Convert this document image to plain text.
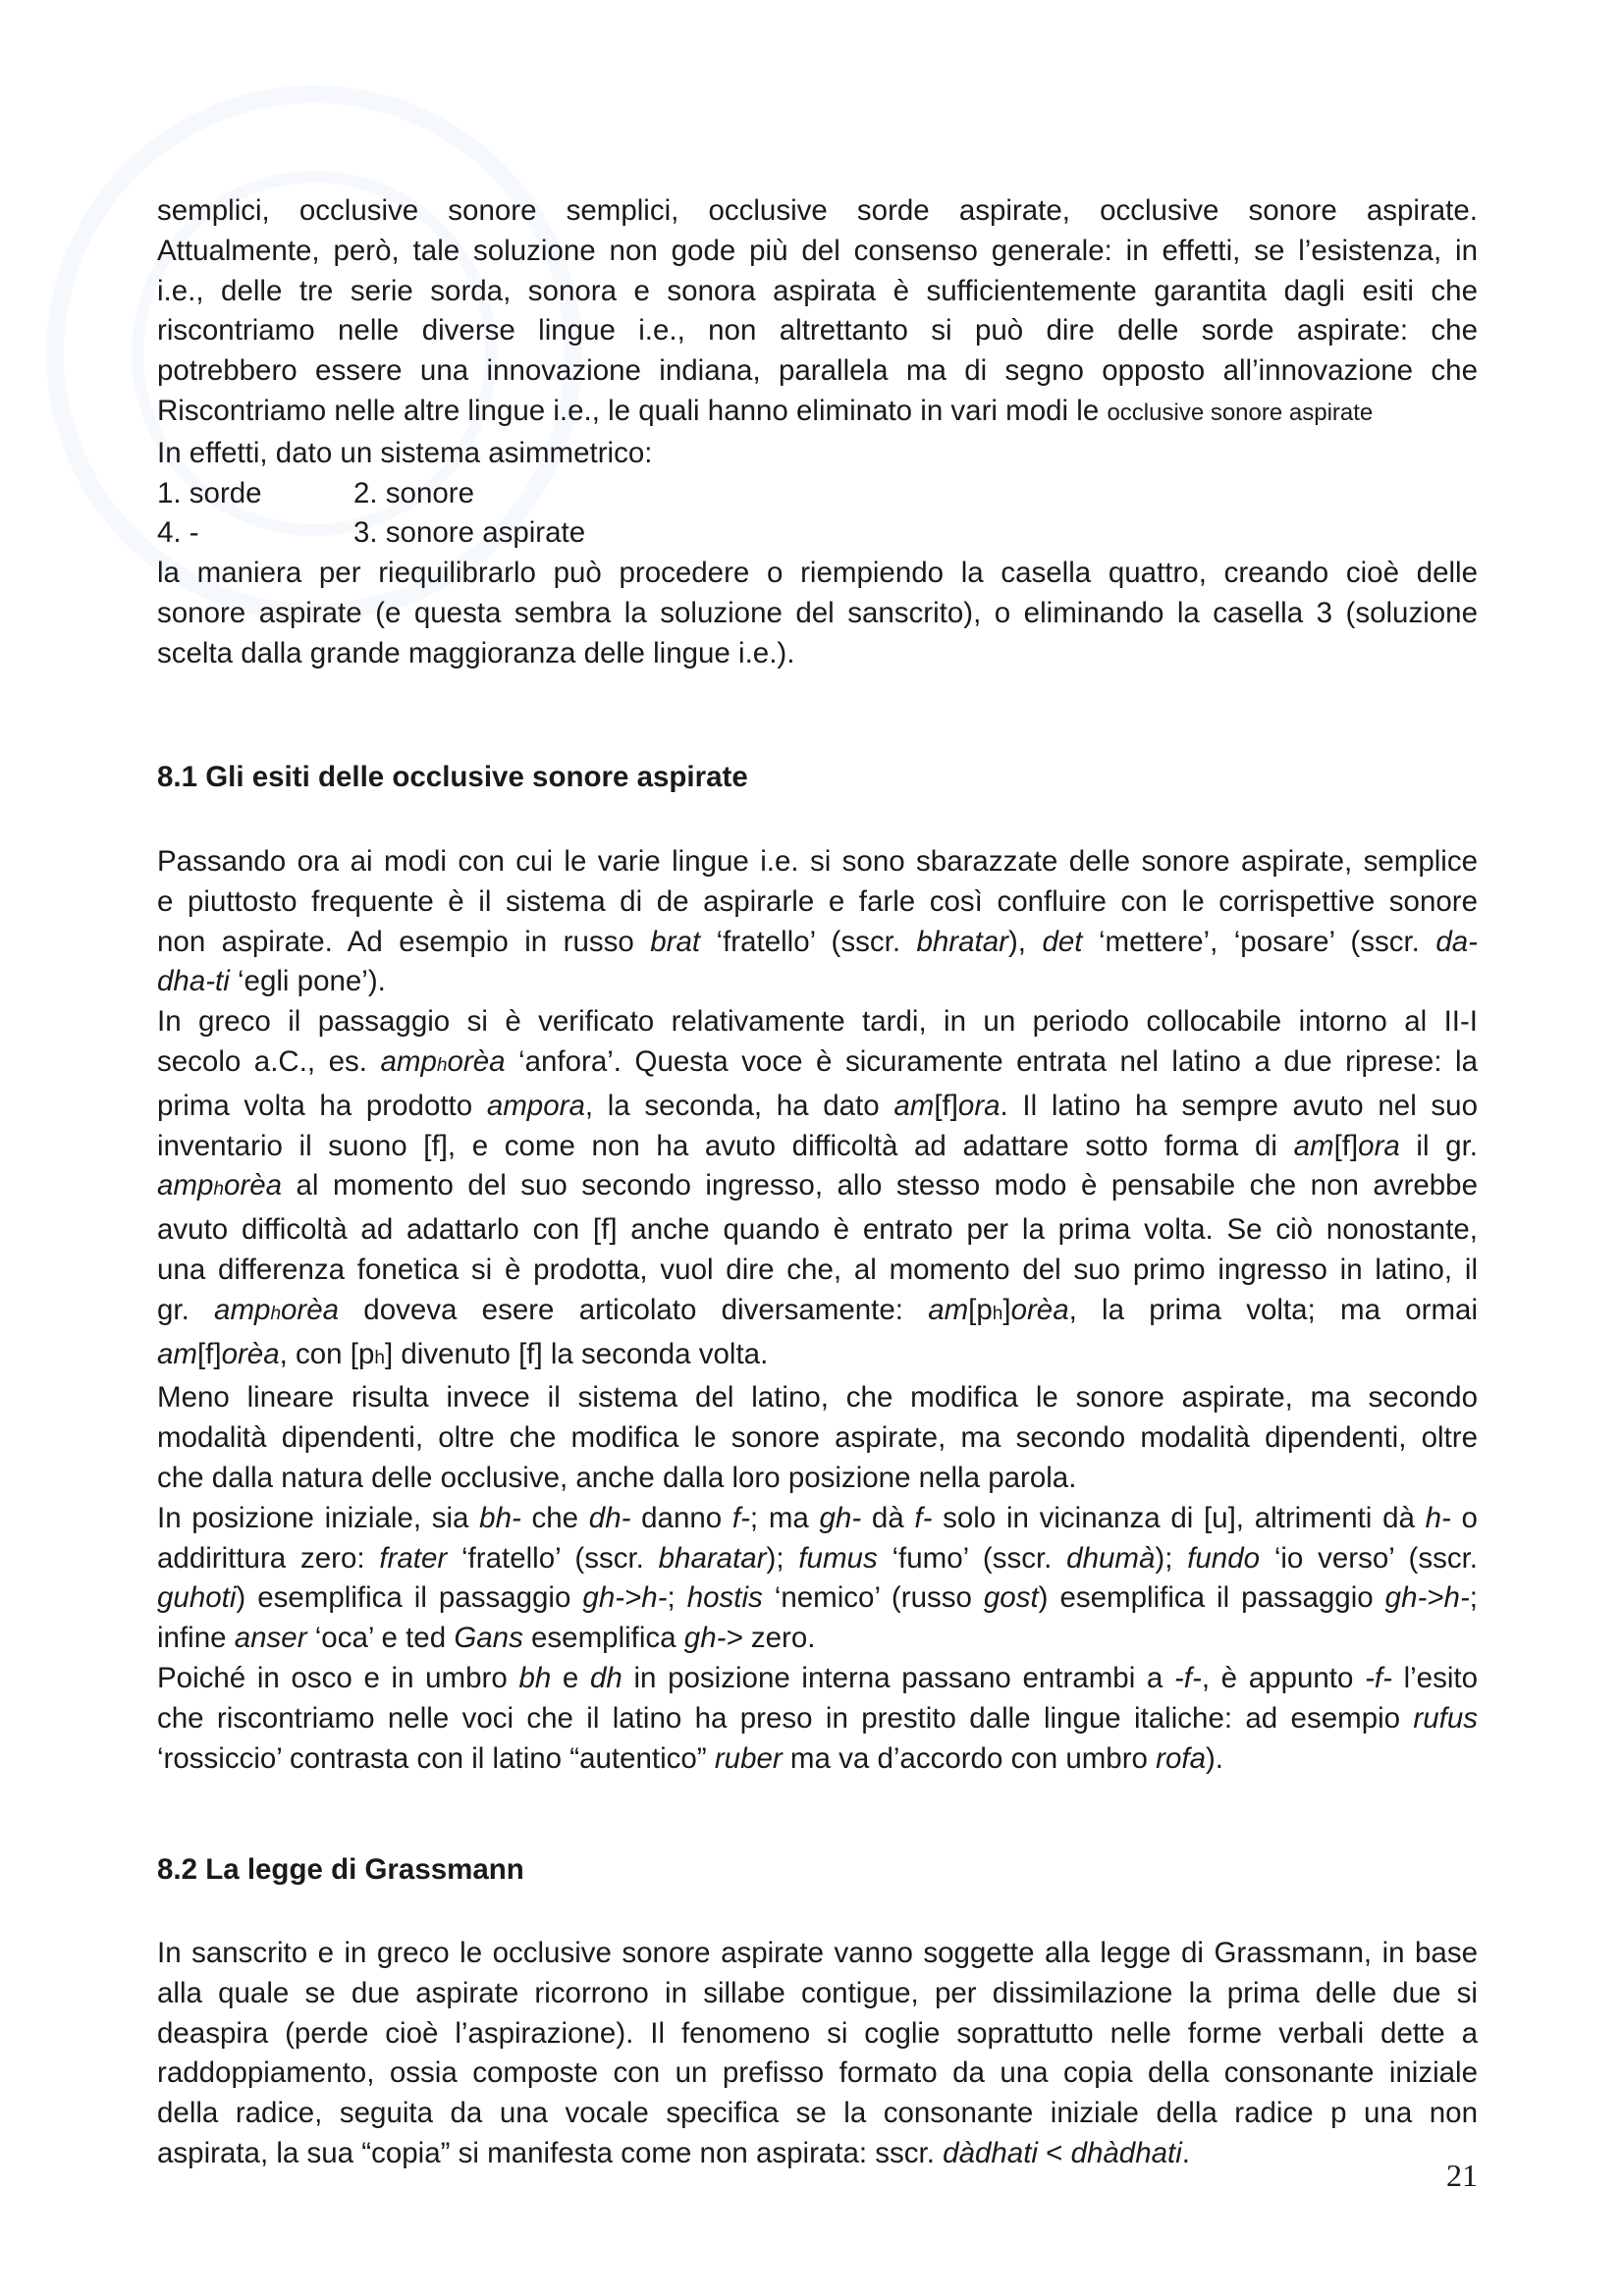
semplici, occlusive sonore semplici, occlusive sorde aspirate, occlusive sonore aspirate.
Attualmente, però, tale soluzione non gode più del consenso generale: in effetti, se l’esistenza, in
i.e., delle tre serie sorda, sonora e sonora aspirata è sufficientemente garantita dagli esiti che
riscontriamo nelle diverse lingue i.e., non altrettanto si può dire delle sorde aspirate: che
potrebbero essere una innovazione indiana, parallela ma di segno opposto all’innovazione che
Riscontriamo nelle altre lingue i.e., le quali hanno eliminato in vari modi le occlusive sonore aspirate
In effetti, dato un sistema asimmetrico:
1. sorde	2. sonore
4. -	3. sonore aspirate
la maniera per riequilibrarlo può procedere o riempiendo la casella quattro, creando cioè delle
sonore aspirate (e questa sembra la soluzione del sanscrito), o eliminando la casella 3 (soluzione
scelta dalla grande maggioranza delle lingue i.e.).

8.1 Gli esiti delle occlusive sonore aspirate

Passando ora ai modi con cui le varie lingue i.e. si sono sbarazzate delle sonore aspirate, semplice
e piuttosto frequente è il sistema di de aspirarle e farle così confluire con le corrispettive sonore
non aspirate. Ad esempio in russo brat ‘fratello’ (sscr. bhratar), det ‘mettere’, ‘posare’ (sscr. da-
dha-ti ‘egli pone’).
In greco il passaggio si è verificato relativamente tardi, in un periodo collocabile intorno al II-I
secolo a.C., es. amphorèa ‘anfora’. Questa voce è sicuramente entrata nel latino a due riprese: la
prima volta ha prodotto ampora, la seconda, ha dato am[f]ora. Il latino ha sempre avuto nel suo
inventario il suono [f], e come non ha avuto difficoltà ad adattare sotto forma di am[f]ora il gr.
amphorèa al momento del suo secondo ingresso, allo stesso modo è pensabile che non avrebbe
avuto difficoltà ad adattarlo con [f] anche quando è entrato per la prima volta. Se ciò nonostante,
una differenza fonetica si è prodotta, vuol dire che, al momento del suo primo ingresso in latino, il
gr. amphorèa doveva esere articolato diversamente: am[ph]orèa, la prima volta; ma ormai
am[f]orèa, con [ph] divenuto [f] la seconda volta.
Meno lineare risulta invece il sistema del latino, che modifica le sonore aspirate, ma secondo
modalità dipendenti, oltre che modifica le sonore aspirate, ma secondo modalità dipendenti, oltre
che dalla natura delle occlusive, anche dalla loro posizione nella parola.
In posizione iniziale, sia bh- che dh- danno f-; ma gh- dà f- solo in vicinanza di [u], altrimenti dà h- o
addirittura zero: frater ‘fratello’ (sscr. bharatar); fumus ‘fumo’ (sscr. dhumà); fundo ‘io verso’ (sscr.
guhoti) esemplifica il passaggio gh->h-; hostis ‘nemico’ (russo gost) esemplifica il passaggio gh->h-;
infine anser ‘oca’ e ted Gans esemplifica gh-> zero.
Poiché in osco e in umbro bh e dh in posizione interna passano entrambi a -f-, è appunto -f- l’esito
che riscontriamo nelle voci che il latino ha preso in prestito dalle lingue italiche: ad esempio rufus
‘rossiccio’ contrasta con il latino “autentico” ruber ma va d’accordo con umbro rofa).

8.2 La legge di Grassmann

In sanscrito e in greco le occlusive sonore aspirate vanno soggette alla legge di Grassmann, in base
alla quale se due aspirate ricorrono in sillabe contigue, per dissimilazione la prima delle due si
deaspira (perde cioè l’aspirazione). Il fenomeno si coglie soprattutto nelle forme verbali dette a
raddoppiamento, ossia composte con un prefisso formato da una copia della consonante iniziale
della radice, seguita da una vocale specifica se la consonante iniziale della radice p una non
aspirata, la sua “copia” si manifesta come non aspirata: sscr. dàdhati < dhàdhati.

21
